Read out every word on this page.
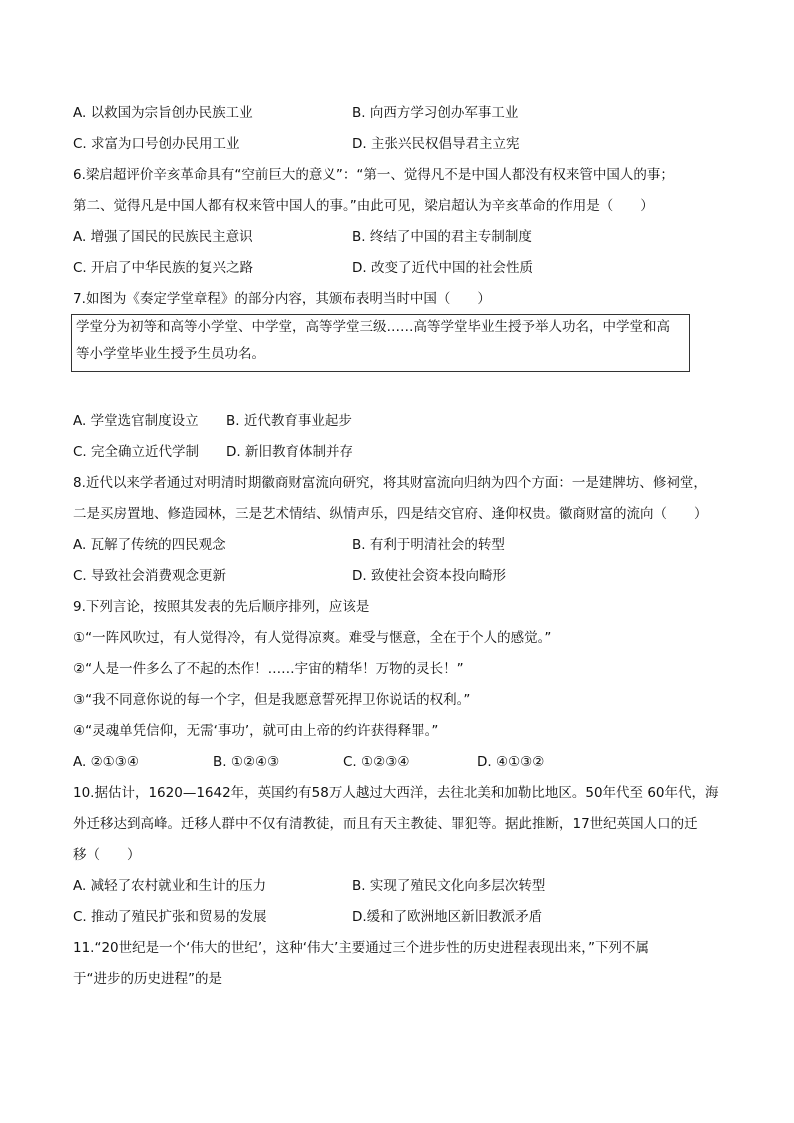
A. 以救国为宗旨创办民族工业	B. 向西方学习创办军事工业
C. 求富为口号创办民用工业	D. 主张兴民权倡导君主立宪
6.梁启超评价辛亥革命具有“空前巨大的意义”：“第一、觉得凡不是中国人都没有权来管中国人的事；
第二、觉得凡是中国人都有权来管中国人的事。”由此可见，梁启超认为辛亥革命的作用是（　　）
A. 增强了国民的民族民主意识	B. 终结了中国的君主专制制度
C. 开启了中华民族的复兴之路	D. 改变了近代中国的社会性质
7.如图为《奏定学堂章程》的部分内容，其颁布表明当时中国（　　）
学堂分为初等和高等小学堂、中学堂，高等学堂三级……高等学堂毕业生授予举人功名，中学堂和高
等小学堂毕业生授予生员功名。
A. 学堂选官制度设立 B. 近代教育事业起步
C. 完全确立近代学制 D. 新旧教育体制并存
8.近代以来学者通过对明清时期徽商财富流向研究，将其财富流向归纳为四个方面：一是建牌坊、修祠堂，
二是买房置地、修造园林，三是艺术情结、纵情声乐，四是结交官府、逢仰权贵。徽商财富的流向（　　）
A. 瓦解了传统的四民观念	B. 有利于明清社会的转型
C. 导致社会消费观念更新	D. 致使社会资本投向畸形
9.下列言论，按照其发表的先后顺序排列，应该是
①“一阵风吹过，有人觉得冷，有人觉得凉爽。难受与惬意，全在于个人的感觉。”
②“人是一件多么了不起的杰作！……宇宙的精华！万物的灵长！”
③“我不同意你说的每一个字，但是我愿意誓死捍卫你说话的权利。”
④“灵魂单凭信仰，无需‘事功’，就可由上帝的约许获得释罪。”
A. ②①③④	B. ①②④③	C. ①②③④	D. ④①③②
10.据估计，1620—1642年，英国约有58万人越过大西洋，去往北美和加勒比地区。50年代至 60年代，海
外迁移达到高峰。迁移人群中不仅有清教徒，而且有天主教徒、罪犯等。据此推断，17世纪英国人口的迁
移（　　）
A. 减轻了农村就业和生计的压力	B. 实现了殖民文化向多层次转型
C. 推动了殖民扩张和贸易的发展	D.缓和了欧洲地区新旧教派矛盾
11.“20世纪是一个‘伟大的世纪’，这种‘伟大’主要通过三个进步性的历史进程表现出来，”下列不属
于“进步的历史进程”的是
